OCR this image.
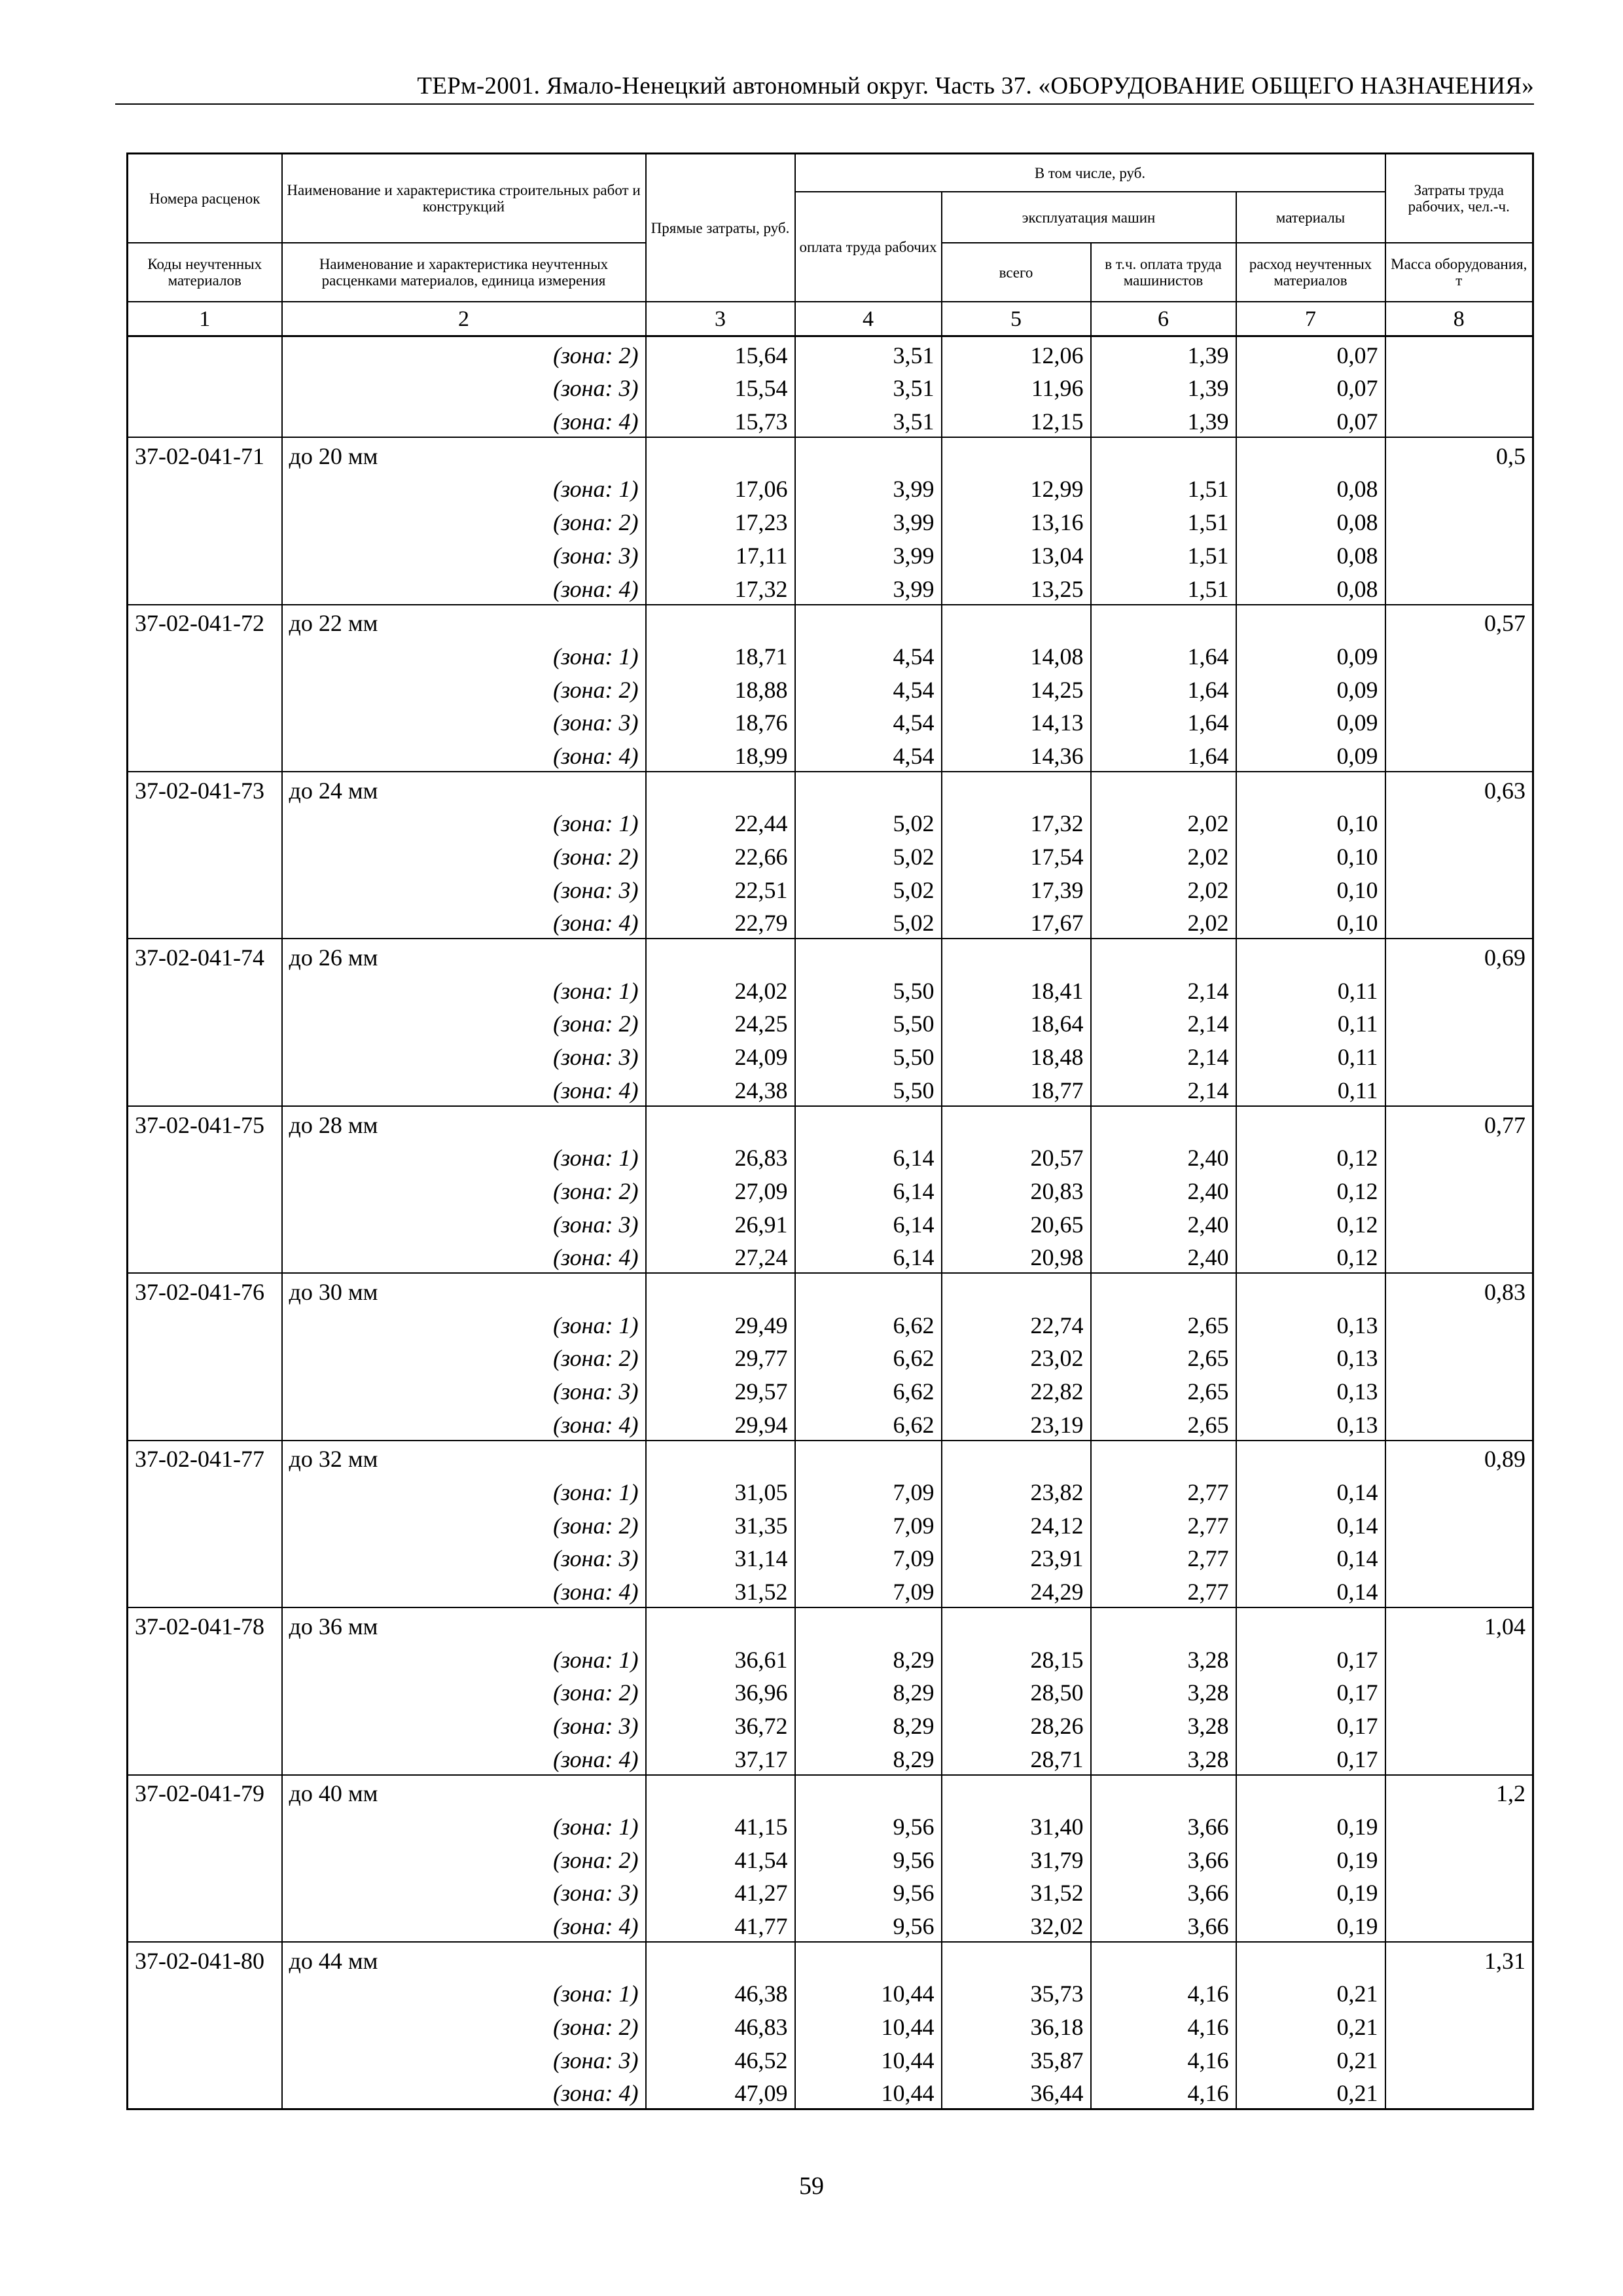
ТЕРм-2001. Ямало-Ненецкий автономный округ. Часть 37. «ОБОРУДОВАНИЕ ОБЩЕГО НАЗНАЧЕНИЯ»
Номера расценок	Наименование и характеристика строительных работ и конструкций	Прямые затраты, руб.	В том числе, руб.				Затраты труда рабочих, чел.-ч.
			оплата труда рабочих	эксплуатация машин		материалы	
Коды неучтенных материалов	Наименование и характеристика неучтенных расценками материалов, единица измерения			всего	в т.ч. оплата труда машинистов	расход неучтенных материалов	Масса оборудования, т
1	2	3	4	5	6	7	8
	(зона: 2)	15,64	3,51	12,06	1,39	0,07	
	(зона: 3)	15,54	3,51	11,96	1,39	0,07	
	(зона: 4)	15,73	3,51	12,15	1,39	0,07	
37-02-041-71	до 20 мм						0,5
	(зона: 1)	17,06	3,99	12,99	1,51	0,08	
	(зона: 2)	17,23	3,99	13,16	1,51	0,08	
	(зона: 3)	17,11	3,99	13,04	1,51	0,08	
	(зона: 4)	17,32	3,99	13,25	1,51	0,08	
37-02-041-72	до 22 мм						0,57
	(зона: 1)	18,71	4,54	14,08	1,64	0,09	
	(зона: 2)	18,88	4,54	14,25	1,64	0,09	
	(зона: 3)	18,76	4,54	14,13	1,64	0,09	
	(зона: 4)	18,99	4,54	14,36	1,64	0,09	
37-02-041-73	до 24 мм						0,63
	(зона: 1)	22,44	5,02	17,32	2,02	0,10	
	(зона: 2)	22,66	5,02	17,54	2,02	0,10	
	(зона: 3)	22,51	5,02	17,39	2,02	0,10	
	(зона: 4)	22,79	5,02	17,67	2,02	0,10	
37-02-041-74	до 26 мм						0,69
	(зона: 1)	24,02	5,50	18,41	2,14	0,11	
	(зона: 2)	24,25	5,50	18,64	2,14	0,11	
	(зона: 3)	24,09	5,50	18,48	2,14	0,11	
	(зона: 4)	24,38	5,50	18,77	2,14	0,11	
37-02-041-75	до 28 мм						0,77
	(зона: 1)	26,83	6,14	20,57	2,40	0,12	
	(зона: 2)	27,09	6,14	20,83	2,40	0,12	
	(зона: 3)	26,91	6,14	20,65	2,40	0,12	
	(зона: 4)	27,24	6,14	20,98	2,40	0,12	
37-02-041-76	до 30 мм						0,83
	(зона: 1)	29,49	6,62	22,74	2,65	0,13	
	(зона: 2)	29,77	6,62	23,02	2,65	0,13	
	(зона: 3)	29,57	6,62	22,82	2,65	0,13	
	(зона: 4)	29,94	6,62	23,19	2,65	0,13	
37-02-041-77	до 32 мм						0,89
	(зона: 1)	31,05	7,09	23,82	2,77	0,14	
	(зона: 2)	31,35	7,09	24,12	2,77	0,14	
	(зона: 3)	31,14	7,09	23,91	2,77	0,14	
	(зона: 4)	31,52	7,09	24,29	2,77	0,14	
37-02-041-78	до 36 мм						1,04
	(зона: 1)	36,61	8,29	28,15	3,28	0,17	
	(зона: 2)	36,96	8,29	28,50	3,28	0,17	
	(зона: 3)	36,72	8,29	28,26	3,28	0,17	
	(зона: 4)	37,17	8,29	28,71	3,28	0,17	
37-02-041-79	до 40 мм						1,2
	(зона: 1)	41,15	9,56	31,40	3,66	0,19	
	(зона: 2)	41,54	9,56	31,79	3,66	0,19	
	(зона: 3)	41,27	9,56	31,52	3,66	0,19	
	(зона: 4)	41,77	9,56	32,02	3,66	0,19	
37-02-041-80	до 44 мм						1,31
	(зона: 1)	46,38	10,44	35,73	4,16	0,21	
	(зона: 2)	46,83	10,44	36,18	4,16	0,21	
	(зона: 3)	46,52	10,44	35,87	4,16	0,21	
	(зона: 4)	47,09	10,44	36,44	4,16	0,21	
59
